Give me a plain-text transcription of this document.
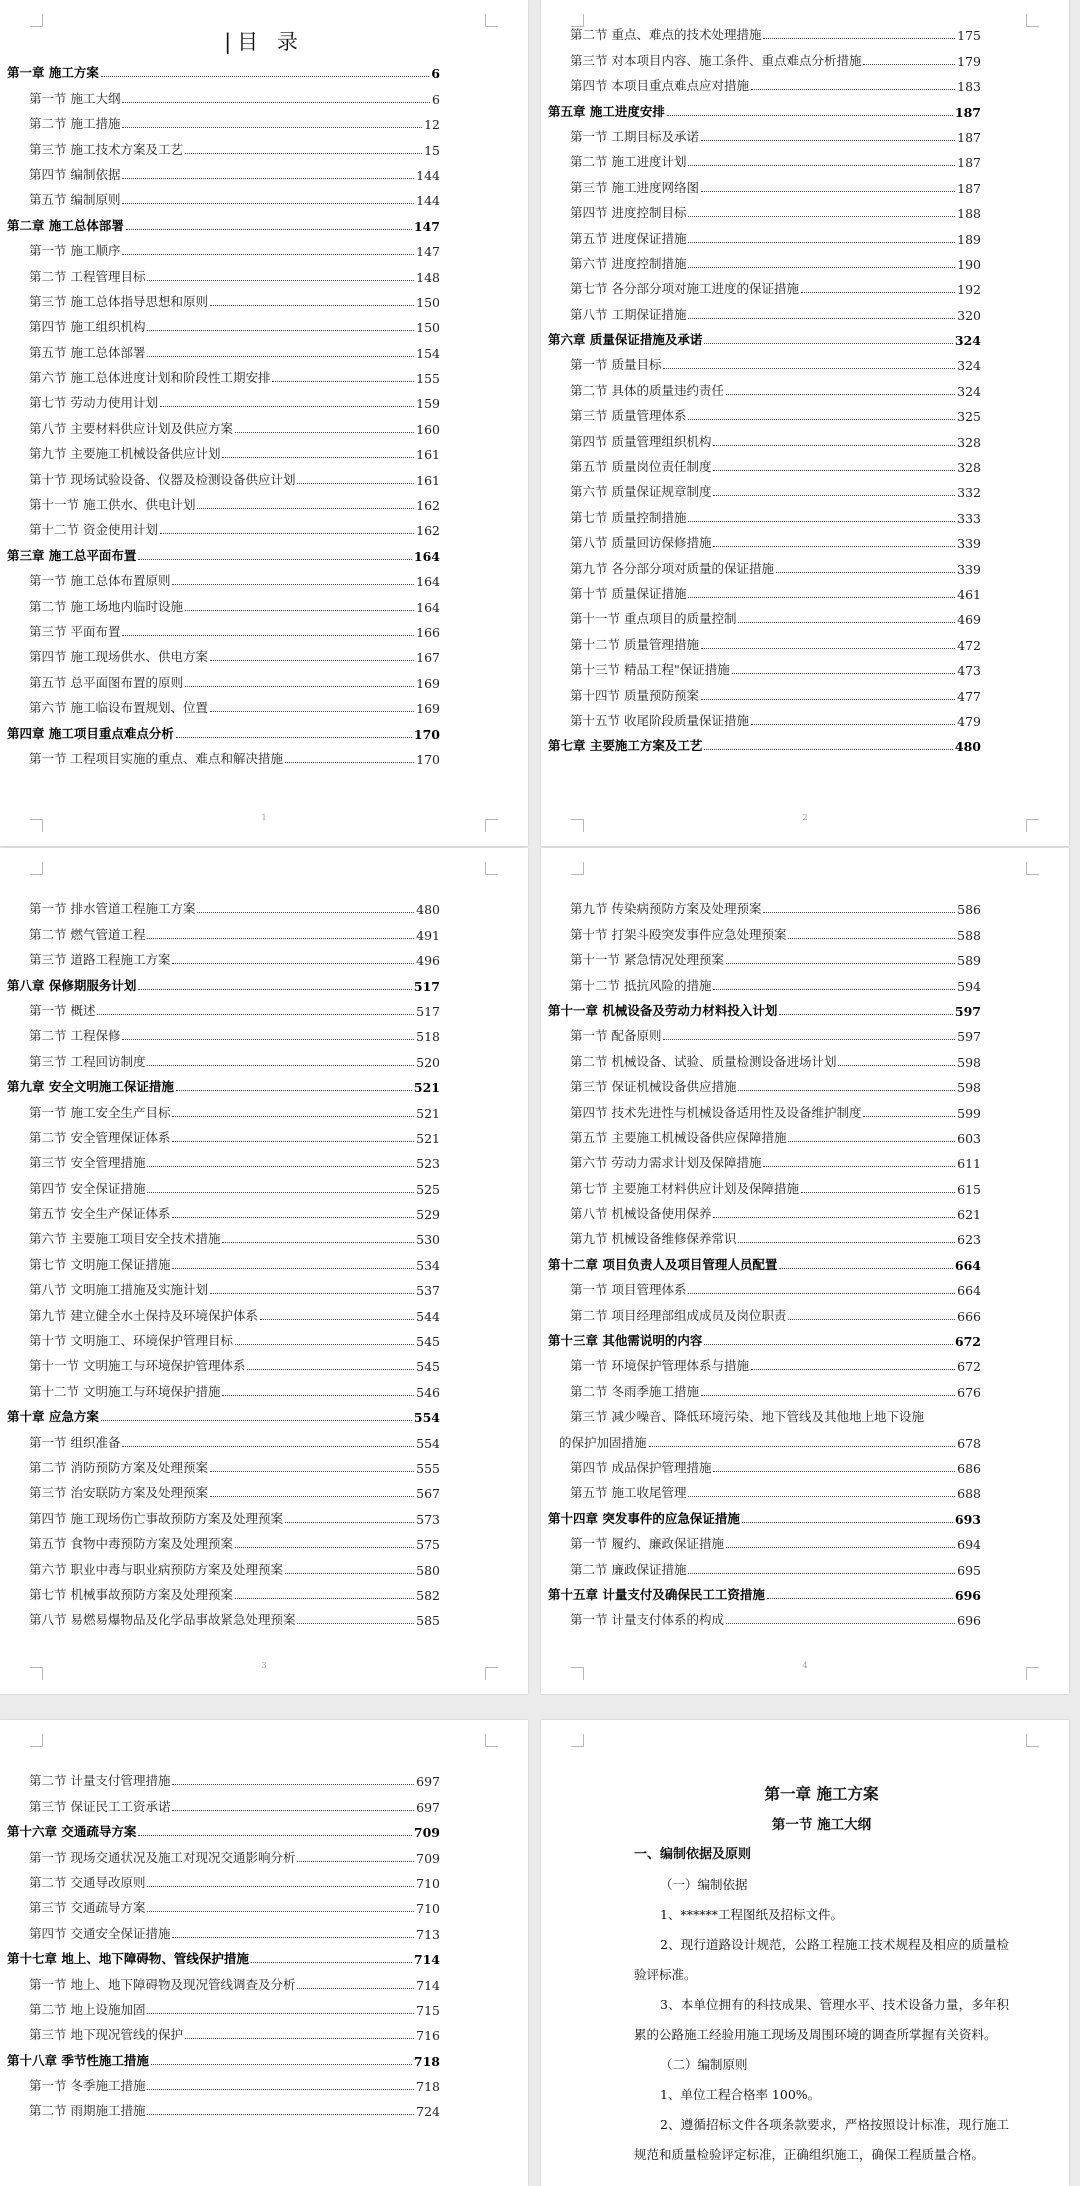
|目 录
第一章 施工方案	6
第一节 施工大纲	6
第二节 施工措施	12
第三节 施工技术方案及工艺	15
第四节 编制依据	144
第五节 编制原则	144
第二章 施工总体部署	147
第一节 施工顺序	147
第二节 工程管理目标	148
第三节 施工总体指导思想和原则	150
第四节 施工组织机构	150
第五节 施工总体部署	154
第六节 施工总体进度计划和阶段性工期安排	155
第七节 劳动力使用计划	159
第八节 主要材料供应计划及供应方案	160
第九节 主要施工机械设备供应计划	161
第十节 现场试验设备、仪器及检测设备供应计划	161
第十一节 施工供水、供电计划	162
第十二节 资金使用计划	162
第三章 施工总平面布置	164
第一节 施工总体布置原则	164
第二节 施工场地内临时设施	164
第三节 平面布置	166
第四节 施工现场供水、供电方案	167
第五节 总平面图布置的原则	169
第六节 施工临设布置规划、位置	169
第四章 施工项目重点难点分析	170
第一节 工程项目实施的重点、难点和解决措施	170
1
第二节 重点、难点的技术处理措施	175
第三节 对本项目内容、施工条件、重点难点分析措施	179
第四节 本项目重点难点应对措施	183
第五章 施工进度安排	187
第一节 工期目标及承诺	187
第二节 施工进度计划	187
第三节 施工进度网络图	187
第四节 进度控制目标	188
第五节 进度保证措施	189
第六节 进度控制措施	190
第七节 各分部分项对施工进度的保证措施	192
第八节 工期保证措施	320
第六章 质量保证措施及承诺	324
第一节 质量目标	324
第二节 具体的质量违约责任	324
第三节 质量管理体系	325
第四节 质量管理组织机构	328
第五节 质量岗位责任制度	328
第六节 质量保证规章制度	332
第七节 质量控制措施	333
第八节 质量回访保修措施	339
第九节 各分部分项对质量的保证措施	339
第十节 质量保证措施	461
第十一节 重点项目的质量控制	469
第十二节 质量管理措施	472
第十三节 精品工程"保证措施	473
第十四节 质量预防预案	477
第十五节 收尾阶段质量保证措施	479
第七章 主要施工方案及工艺	480
2
第一节 排水管道工程施工方案	480
第二节 燃气管道工程	491
第三节 道路工程施工方案	496
第八章 保修期服务计划	517
第一节 概述	517
第二节 工程保修	518
第三节 工程回访制度	520
第九章 安全文明施工保证措施	521
第一节 施工安全生产目标	521
第二节 安全管理保证体系	521
第三节 安全管理措施	523
第四节 安全保证措施	525
第五节 安全生产保证体系	529
第六节 主要施工项目安全技术措施	530
第七节 文明施工保证措施	534
第八节 文明施工措施及实施计划	537
第九节 建立健全水土保持及环境保护体系	544
第十节 文明施工、环境保护管理目标	545
第十一节 文明施工与环境保护管理体系	545
第十二节 文明施工与环境保护措施	546
第十章 应急方案	554
第一节 组织准备	554
第二节 消防预防方案及处理预案	555
第三节 治安联防方案及处理预案	567
第四节 施工现场伤亡事故预防方案及处理预案	573
第五节 食物中毒预防方案及处理预案	575
第六节 职业中毒与职业病预防方案及处理预案	580
第七节 机械事故预防方案及处理预案	582
第八节 易燃易爆物品及化学品事故紧急处理预案	585
3
第九节 传染病预防方案及处理预案	586
第十节 打架斗殴突发事件应急处理预案	588
第十一节 紧急情况处理预案	589
第十二节 抵抗风险的措施	594
第十一章 机械设备及劳动力材料投入计划	597
第一节 配备原则	597
第二节 机械设备、试验、质量检测设备进场计划	598
第三节 保证机械设备供应措施	598
第四节 技术先进性与机械设备适用性及设备维护制度	599
第五节 主要施工机械设备供应保障措施	603
第六节 劳动力需求计划及保障措施	611
第七节 主要施工材料供应计划及保障措施	615
第八节 机械设备使用保养	621
第九节 机械设备维修保养常识	623
第十二章 项目负责人及项目管理人员配置	664
第一节 项目管理体系	664
第二节 项目经理部组成成员及岗位职责	666
第十三章 其他需说明的内容	672
第一节 环境保护管理体系与措施	672
第二节 冬雨季施工措施	676
第三节 减少噪音、降低环境污染、地下管线及其他地上地下设施
的保护加固措施	678
第四节 成品保护管理措施	686
第五节 施工收尾管理	688
第十四章 突发事件的应急保证措施	693
第一节 履约、廉政保证措施	694
第二节 廉政保证措施	695
第十五章 计量支付及确保民工工资措施	696
第一节 计量支付体系的构成	696
4
第二节 计量支付管理措施	697
第三节 保证民工工资承诺	697
第十六章 交通疏导方案	709
第一节 现场交通状况及施工对现况交通影响分析	709
第二节 交通导改原则	710
第三节 交通疏导方案	710
第四节 交通安全保证措施	713
第十七章 地上、地下障碍物、管线保护措施	714
第一节 地上、地下障碍物及现况管线调查及分析	714
第二节 地上设施加固	715
第三节 地下现况管线的保护	716
第十八章 季节性施工措施	718
第一节 冬季施工措施	718
第二节 雨期施工措施	724
第一章 施工方案
第一节 施工大纲
一、编制依据及原则
（一）编制依据
1、******工程图纸及招标文件。
2、现行道路设计规范，公路工程施工技术规程及相应的质量检验评标准。
3、本单位拥有的科技成果、管理水平、技术设备力量，多年积累的公路施工经验用施工现场及周围环境的调查所掌握有关资料。
（二）编制原则
1、单位工程合格率 100%。
2、遵循招标文件各项条款要求，严格按照设计标准，现行施工规范和质量检验评定标准，正确组织施工，确保工程质量合格。
